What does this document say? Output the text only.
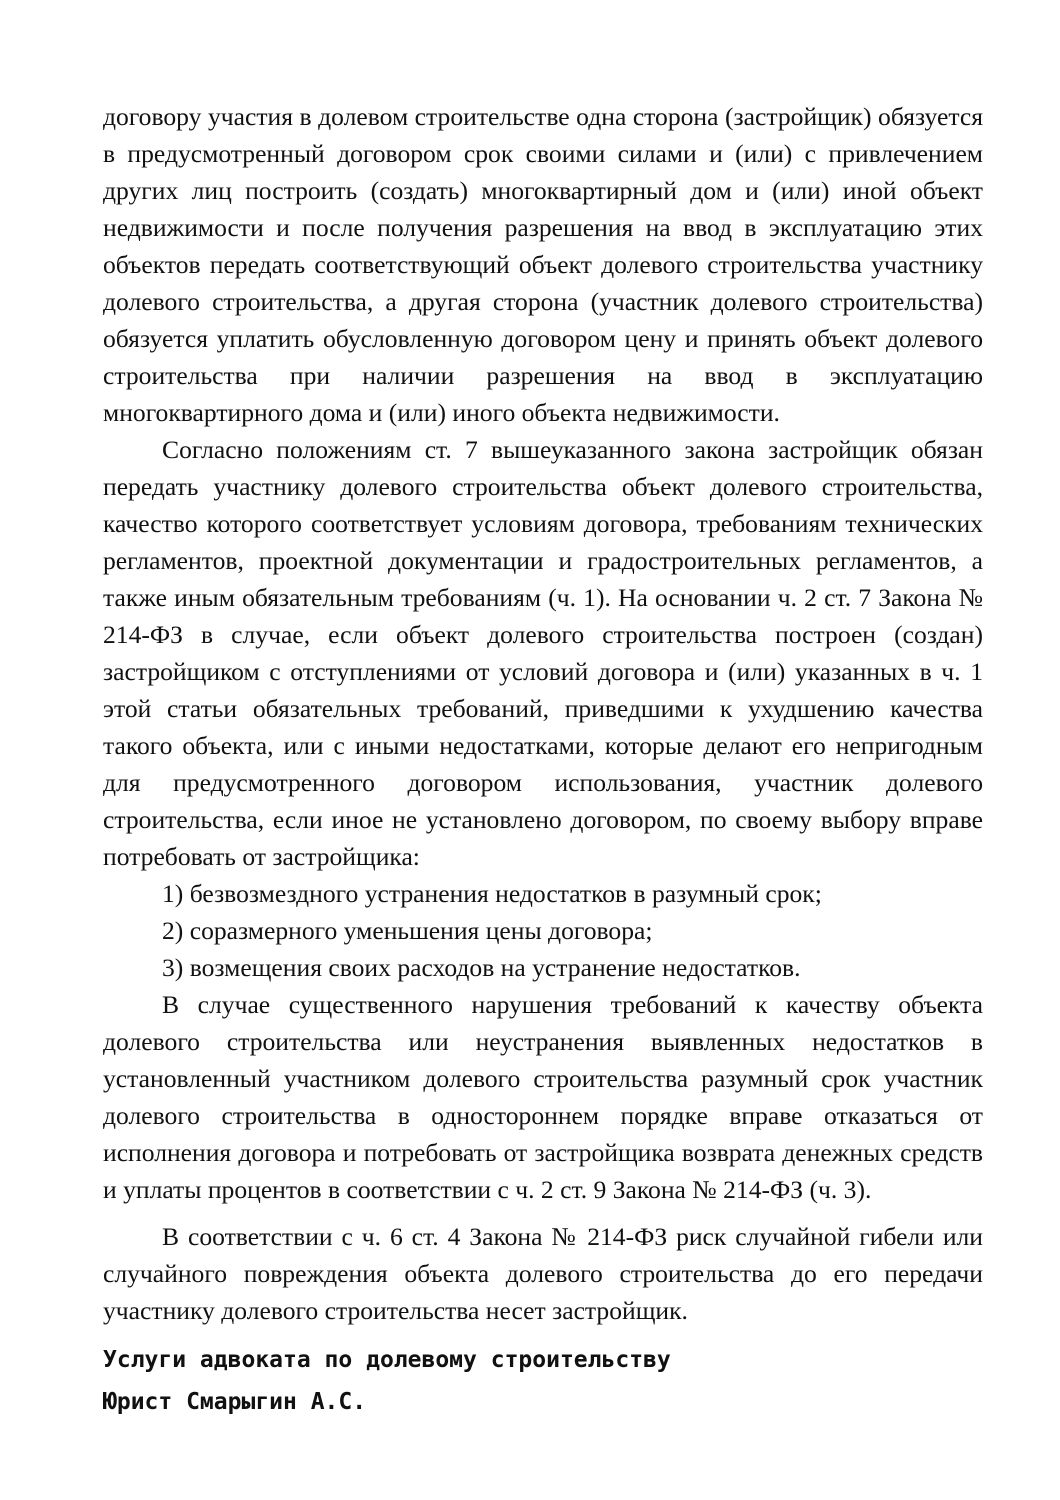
договору участия в долевом строительстве одна сторона (застройщик) обязуется в предусмотренный договором срок своими силами и (или) с привлечением других лиц построить (создать) многоквартирный дом и (или) иной объект недвижимости и после получения разрешения на ввод в эксплуатацию этих объектов передать соответствующий объект долевого строительства участнику долевого строительства, а другая сторона (участник долевого строительства) обязуется уплатить обусловленную договором цену и принять объект долевого строительства при наличии разрешения на ввод в эксплуатацию многоквартирного дома и (или) иного объекта недвижимости.

Согласно положениям ст. 7 вышеуказанного закона застройщик обязан передать участнику долевого строительства объект долевого строительства, качество которого соответствует условиям договора, требованиям технических регламентов, проектной документации и градостроительных регламентов, а также иным обязательным требованиям (ч. 1). На основании ч. 2 ст. 7 Закона № 214-ФЗ в случае, если объект долевого строительства построен (создан) застройщиком с отступлениями от условий договора и (или) указанных в ч. 1 этой статьи обязательных требований, приведшими к ухудшению качества такого объекта, или с иными недостатками, которые делают его непригодным для предусмотренного договором использования, участник долевого строительства, если иное не установлено договором, по своему выбору вправе потребовать от застройщика:

1) безвозмездного устранения недостатков в разумный срок;

2) соразмерного уменьшения цены договора;

3) возмещения своих расходов на устранение недостатков.

В случае существенного нарушения требований к качеству объекта долевого строительства или неустранения выявленных недостатков в установленный участником долевого строительства разумный срок участник долевого строительства в одностороннем порядке вправе отказаться от исполнения договора и потребовать от застройщика возврата денежных средств и уплаты процентов в соответствии с ч. 2 ст. 9 Закона № 214-ФЗ (ч. 3).

В соответствии с ч. 6 ст. 4 Закона № 214-ФЗ риск случайной гибели или случайного повреждения объекта долевого строительства до его передачи участнику долевого строительства несет застройщик.

Услуги адвоката по долевому строительству

Юрист Смарыгин А.С.
